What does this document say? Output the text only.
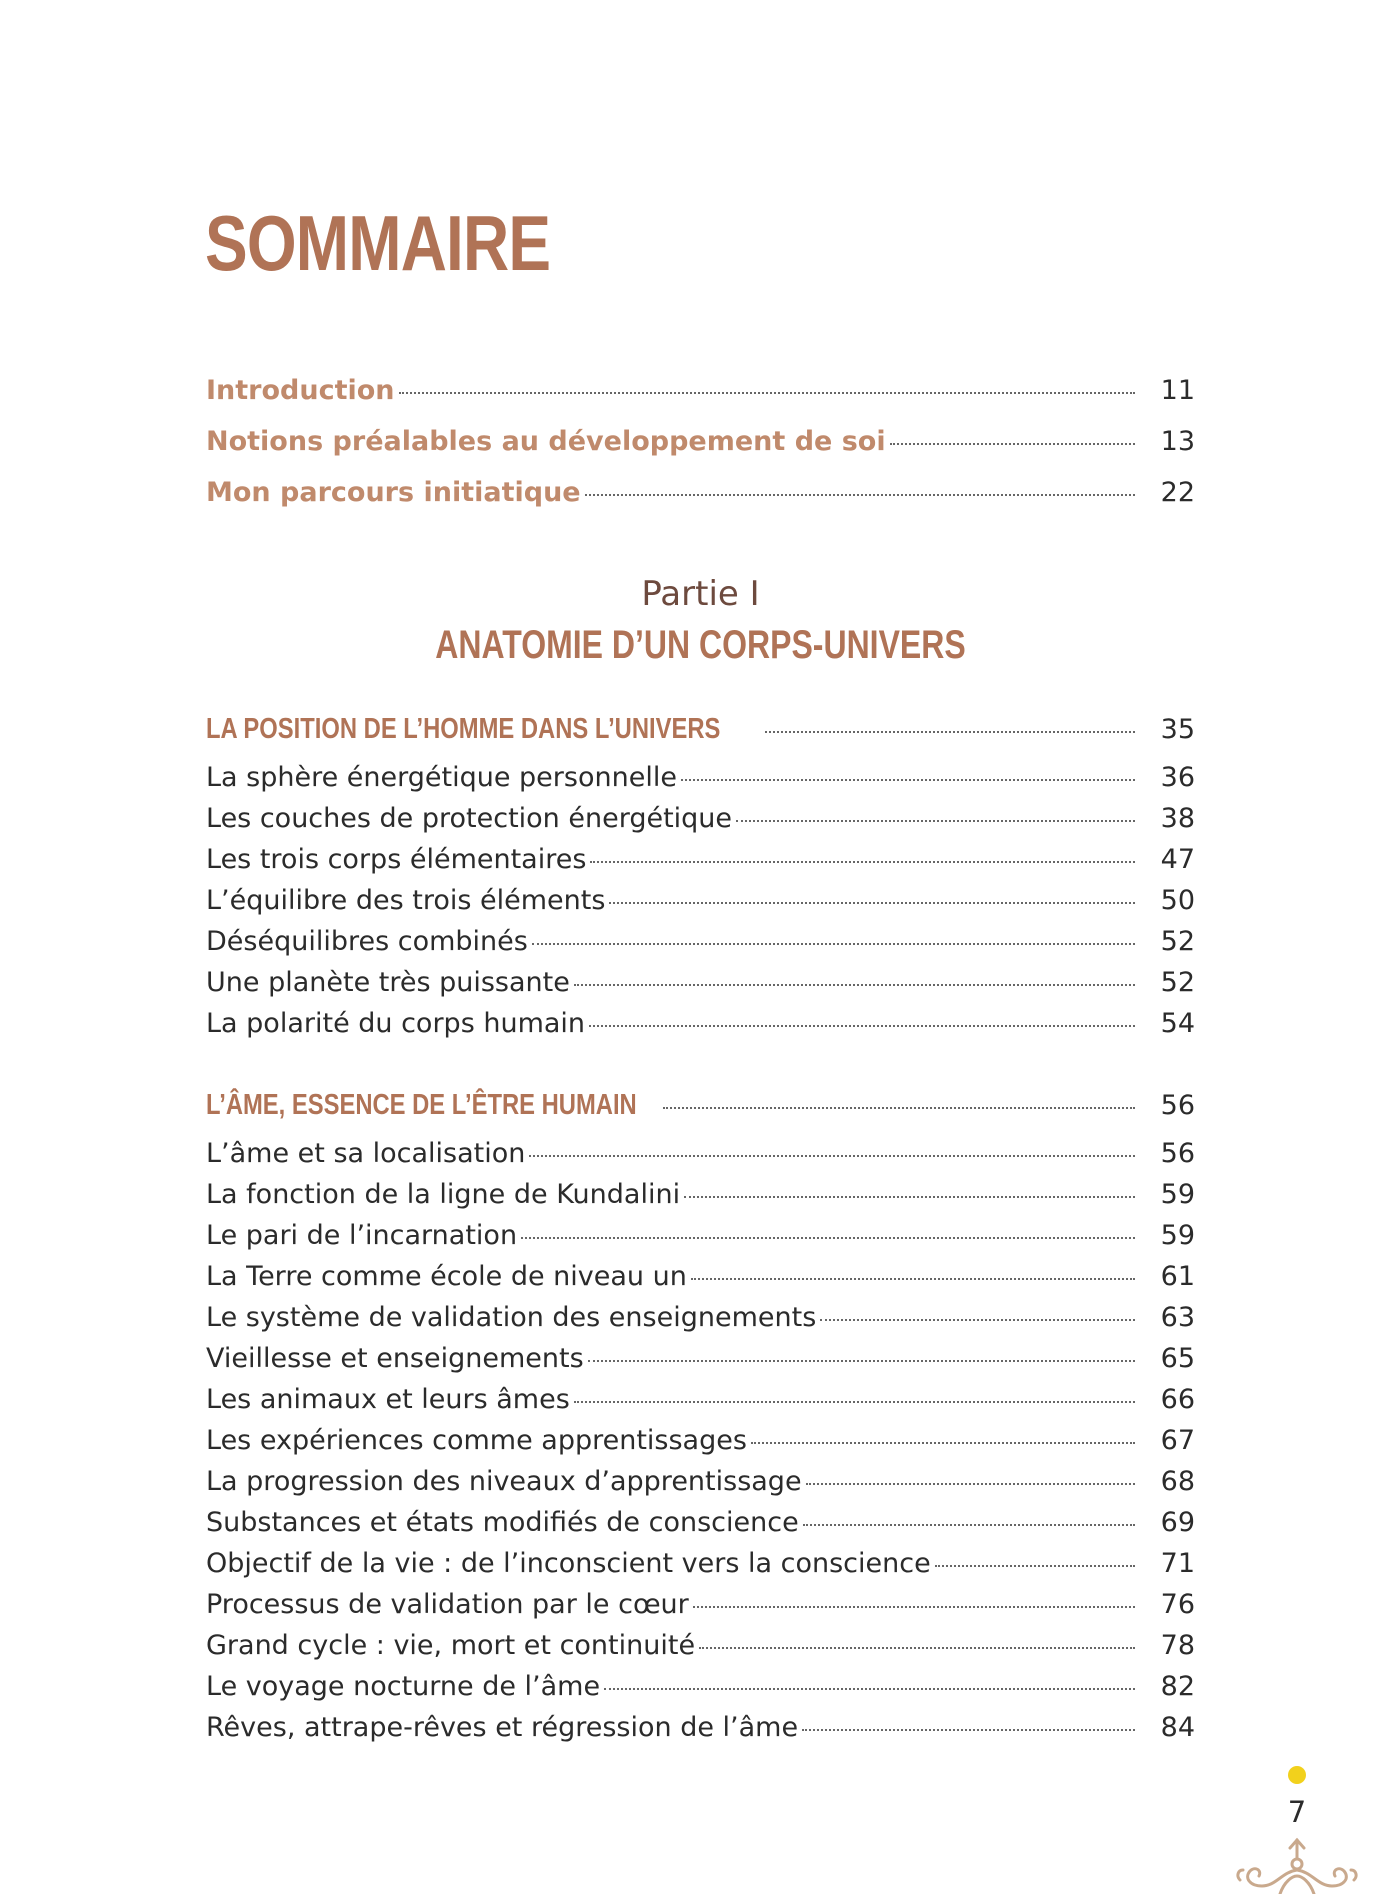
SOMMAIRE
Introduction	11
Notions préalables au développement de soi	13
Mon parcours initiatique	22

Partie I

ANATOMIE D’UN CORPS-UNIVERS

LA POSITION DE L’HOMME DANS L’UNIVERS	35
La sphère énergétique personnelle	36
Les couches de protection énergétique	38
Les trois corps élémentaires	47
L’équilibre des trois éléments	50
Déséquilibres combinés	52
Une planète très puissante	52
La polarité du corps humain	54
L’ÂME, ESSENCE DE L’ÊTRE HUMAIN	56
L’âme et sa localisation	56
La fonction de la ligne de Kundalini	59
Le pari de l’incarnation	59
La Terre comme école de niveau un	61
Le système de validation des enseignements	63
Vieillesse et enseignements	65
Les animaux et leurs âmes	66
Les expériences comme apprentissages	67
La progression des niveaux d’apprentissage	68
Substances et états modifiés de conscience	69
Objectif de la vie : de l’inconscient vers la conscience	71
Processus de validation par le cœur	76
Grand cycle : vie, mort et continuité	78
Le voyage nocturne de l’âme	82
Rêves, attrape-rêves et régression de l’âme	84
7
